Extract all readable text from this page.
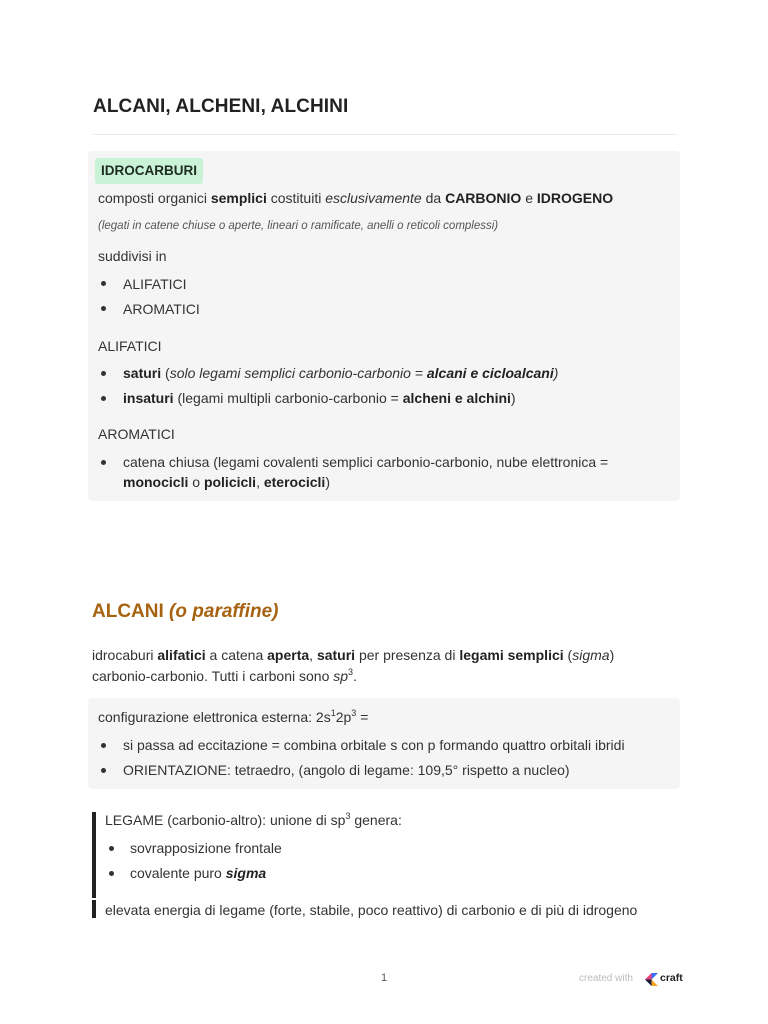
ALCANI, ALCHENI, ALCHINI
IDROCARBURI
composti organici semplici costituiti esclusivamente da CARBONIO e IDROGENO
(legati in catene chiuse o aperte, lineari o ramificate, anelli o reticoli complessi)
suddivisi in
ALIFATICI
AROMATICI
ALIFATICI
saturi (solo legami semplici carbonio-carbonio = alcani e cicloalcani)
insaturi (legami multipli carbonio-carbonio = alcheni e alchini)
AROMATICI
catena chiusa (legami covalenti semplici carbonio-carbonio, nube elettronica =
monocicli o policicli, eterocicli)
ALCANI (o paraffine)
idrocaburi alifatici a catena aperta, saturi per presenza di legami semplici (sigma)
carbonio-carbonio. Tutti i carboni sono $sp^3$.
configurazione elettronica esterna: $2s^12p^3$ =
si passa ad eccitazione = combina orbitale s con p formando quattro orbitali ibridi
ORIENTAZIONE: tetraedro, (angolo di legame: 109,5° rispetto a nucleo)
LEGAME (carbonio-altro): unione di $sp^3$ genera:
sovrapposizione frontale
covalente puro sigma
elevata energia di legame (forte, stabile, poco reattivo) di carbonio e di più di idrogeno
1	created with	craft
